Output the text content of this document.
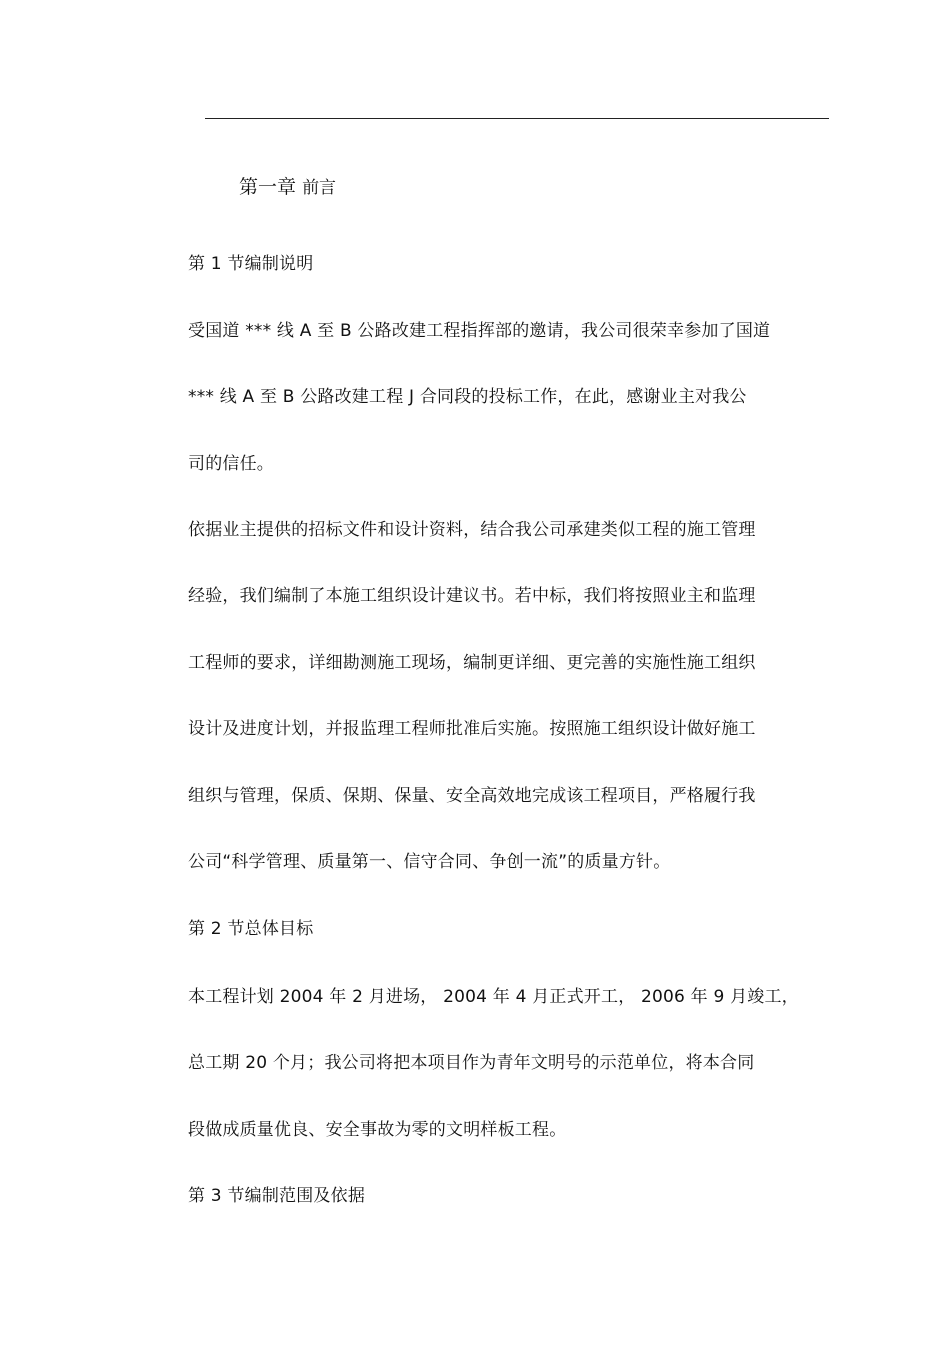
第一章 前言
第 1 节编制说明
受国道 *** 线 A 至 B 公路改建工程指挥部的邀请，我公司很荣幸参加了国道
*** 线 A 至 B 公路改建工程 J 合同段的投标工作，在此，感谢业主对我公
司的信任。
依据业主提供的招标文件和设计资料，结合我公司承建类似工程的施工管理
经验，我们编制了本施工组织设计建议书。若中标，我们将按照业主和监理
工程师的要求，详细勘测施工现场，编制更详细、更完善的实施性施工组织
设计及进度计划，并报监理工程师批准后实施。按照施工组织设计做好施工
组织与管理，保质、保期、保量、安全高效地完成该工程项目，严格履行我
公司“科学管理、质量第一、信守合同、争创一流”的质量方针。
第 2 节总体目标
本工程计划 2004 年 2 月进场， 2004 年 4 月正式开工， 2006 年 9 月竣工，
总工期 20 个月；我公司将把本项目作为青年文明号的示范单位，将本合同
段做成质量优良、安全事故为零的文明样板工程。
第 3 节编制范围及依据
